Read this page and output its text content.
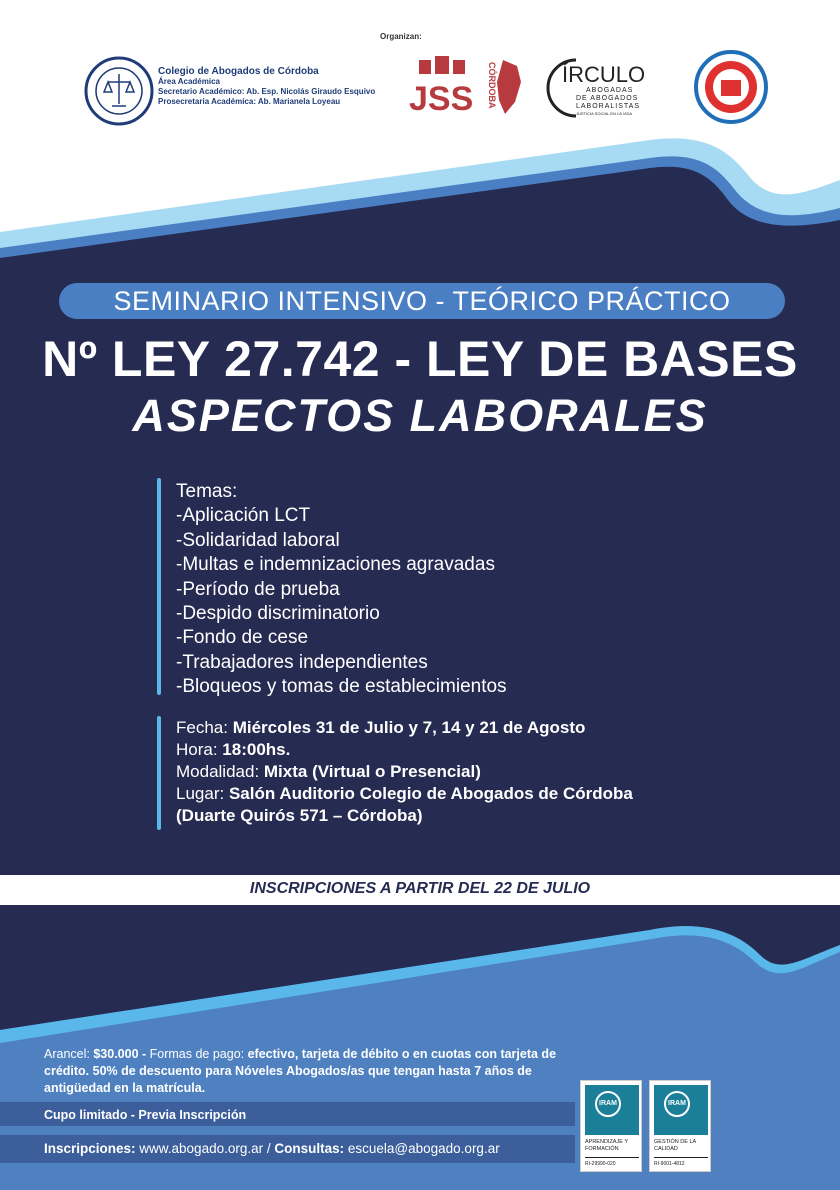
Organizan:
Colegio de Abogados de Córdoba
Área Académica
Secretario Académico: Ab. Esp. Nicolás Giraudo Esquivo
Prosecretaria Académica: Ab. Marianela Loyeau	JSS CÓRDOBA	ÍRCULO
ABOGADAS
DE ABOGADOS
LABORALISTAS
JUSTICIA SOCIAL EN LA VIDA
SEMINARIO INTENSIVO - TEÓRICO PRÁCTICO
Nº LEY 27.742 - LEY DE BASES
ASPECTOS LABORALES
Temas:
-Aplicación LCT
-Solidaridad laboral
-Multas e indemnizaciones agravadas
-Período de prueba
-Despido discriminatorio
-Fondo de cese
-Trabajadores independientes
-Bloqueos y tomas de establecimientos
Fecha: Miércoles 31 de Julio y 7, 14 y 21 de Agosto
Hora: 18:00hs.
Modalidad: Mixta (Virtual o Presencial)
Lugar: Salón Auditorio Colegio de Abogados de Córdoba
(Duarte Quirós 571 – Córdoba)
INSCRIPCIONES A PARTIR DEL 22 DE JULIO
Arancel: $30.000 - Formas de pago: efectivo, tarjeta de débito o en cuotas con tarjeta de crédito. 50% de descuento para Nóveles Abogados/as que tengan hasta 7 años de antigüedad en la matrícula.
Cupo limitado - Previa Inscripción
Inscripciones: www.abogado.org.ar / Consultas: escuela@abogado.org.ar
IRAM
APRENDIZAJE Y FORMACIÓN
RI-29990-020
IRAM
GESTIÓN DE LA CALIDAD
RI-9001-4812
